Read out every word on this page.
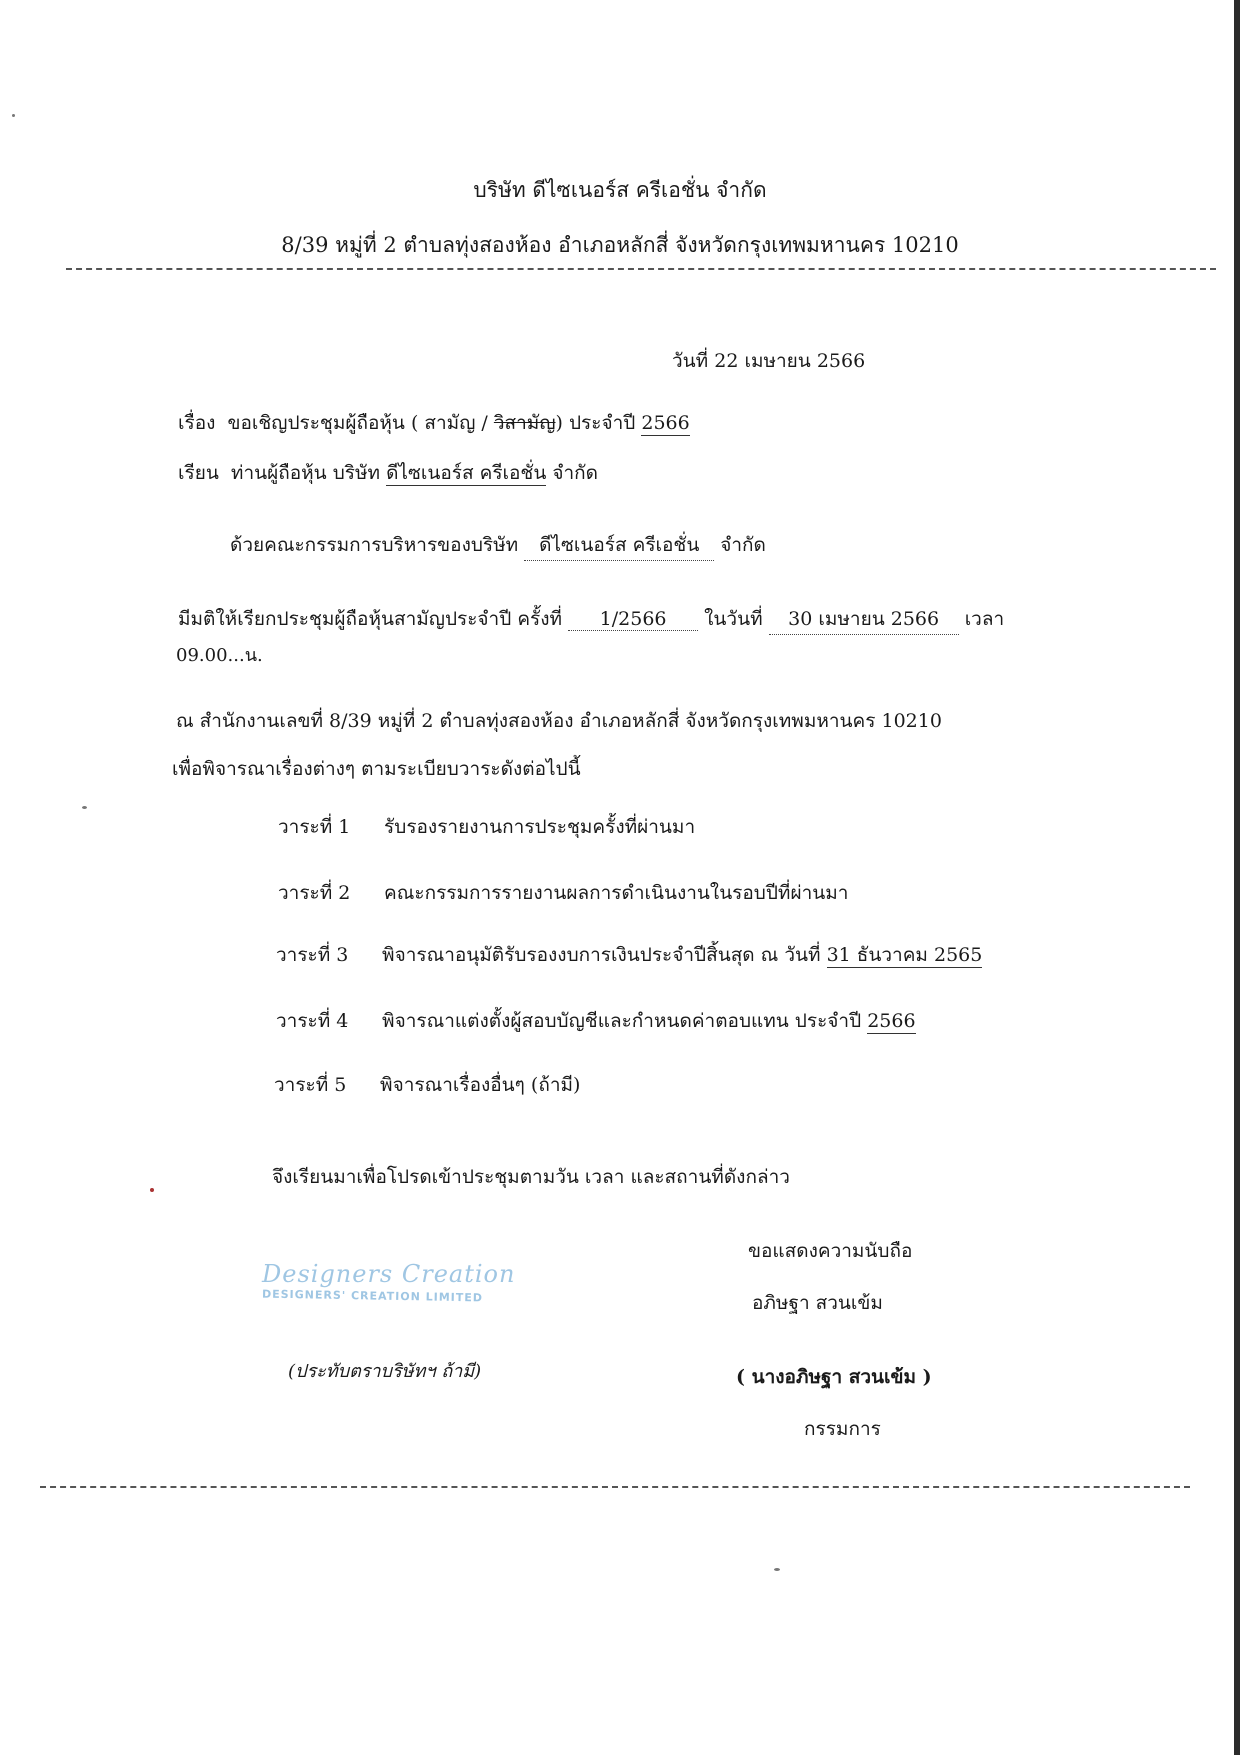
บริษัท ดีไซเนอร์ส ครีเอชั่น จำกัด
8/39 หมู่ที่ 2 ตำบลทุ่งสองห้อง อำเภอหลักสี่ จังหวัดกรุงเทพมหานคร 10210
วันที่ 22 เมษายน 2566
เรื่อง ขอเชิญประชุมผู้ถือหุ้น ( สามัญ / วิสามัญ) ประจำปี 2566
เรียน ท่านผู้ถือหุ้น บริษัท ดีไซเนอร์ส ครีเอชั่น จำกัด
ด้วยคณะกรรมการบริหารของบริษัท ดีไซเนอร์ส ครีเอชั่น จำกัด
มีมติให้เรียกประชุมผู้ถือหุ้นสามัญประจำปี ครั้งที่ 1/2566 ในวันที่ 30 เมษายน 2566 เวลา
09.00...น.
ณ สำนักงานเลขที่ 8/39 หมู่ที่ 2 ตำบลทุ่งสองห้อง อำเภอหลักสี่ จังหวัดกรุงเทพมหานคร 10210
เพื่อพิจารณาเรื่องต่างๆ ตามระเบียบวาระดังต่อไปนี้
วาระที่ 1 รับรองรายงานการประชุมครั้งที่ผ่านมา
วาระที่ 2 คณะกรรมการรายงานผลการดำเนินงานในรอบปีที่ผ่านมา
วาระที่ 3 พิจารณาอนุมัติรับรองงบการเงินประจำปีสิ้นสุด ณ วันที่ 31 ธันวาคม 2565
วาระที่ 4 พิจารณาแต่งตั้งผู้สอบบัญชีและกำหนดค่าตอบแทน ประจำปี 2566
วาระที่ 5 พิจารณาเรื่องอื่นๆ (ถ้ามี)
จึงเรียนมาเพื่อโปรดเข้าประชุมตามวัน เวลา และสถานที่ดังกล่าว
ขอแสดงความนับถือ
อภิษฐา สวนเข้ม
( นางอภิษฐา สวนเข้ม )
กรรมการ
Designers Creation
DESIGNERS' CREATION LIMITED
(ประทับตราบริษัทฯ ถ้ามี)
